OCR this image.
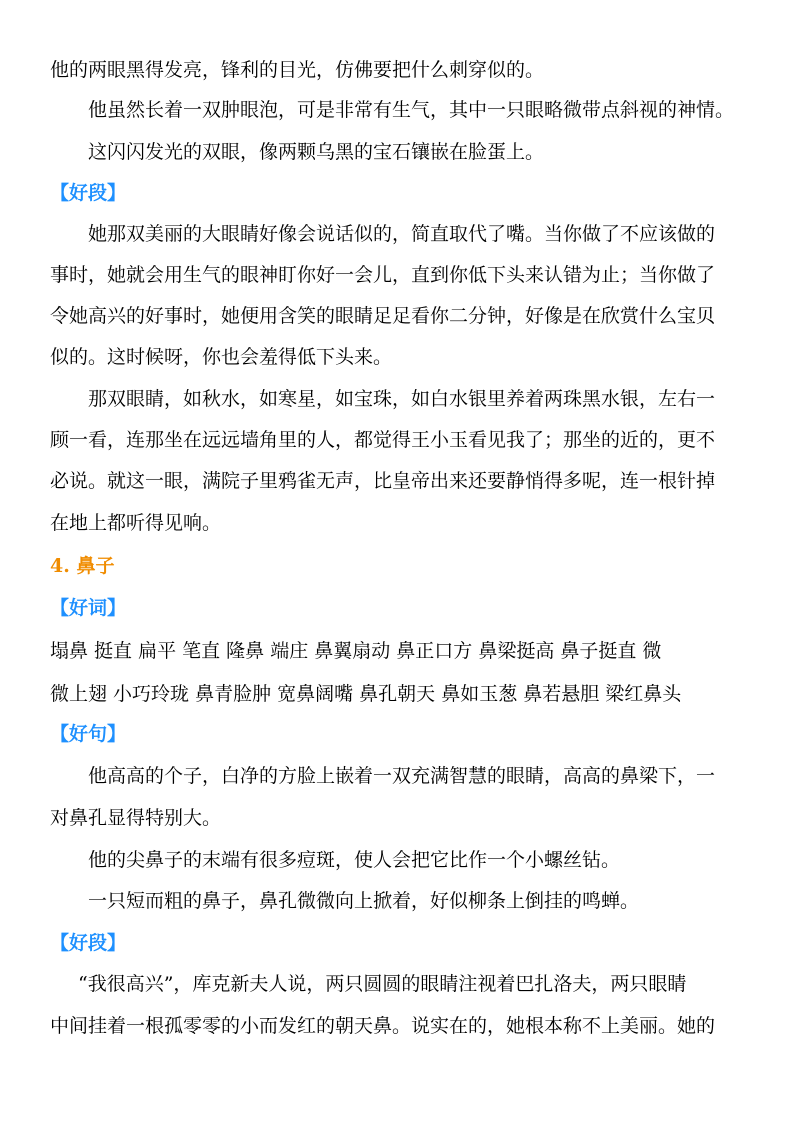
他的两眼黑得发亮，锋利的目光，仿佛要把什么刺穿似的。
他虽然长着一双肿眼泡，可是非常有生气，其中一只眼略微带点斜视的神情。
这闪闪发光的双眼，像两颗乌黑的宝石镶嵌在脸蛋上。
【好段】
她那双美丽的大眼睛好像会说话似的，简直取代了嘴。当你做了不应该做的
事时，她就会用生气的眼神盯你好一会儿，直到你低下头来认错为止；当你做了
令她高兴的好事时，她便用含笑的眼睛足足看你二分钟，好像是在欣赏什么宝贝
似的。这时候呀，你也会羞得低下头来。
那双眼睛，如秋水，如寒星，如宝珠，如白水银里养着两珠黑水银，左右一
顾一看，连那坐在远远墙角里的人，都觉得王小玉看见我了；那坐的近的，更不
必说。就这一眼，满院子里鸦雀无声，比皇帝出来还要静悄得多呢，连一根针掉
在地上都听得见响。
4. 鼻子
【好词】
塌鼻 挺直 扁平 笔直 隆鼻 端庄 鼻翼扇动 鼻正口方 鼻梁挺高 鼻子挺直 微
微上翅 小巧玲珑 鼻青脸肿 宽鼻阔嘴 鼻孔朝天 鼻如玉葱 鼻若悬胆 梁红鼻头
【好句】
他高高的个子，白净的方脸上嵌着一双充满智慧的眼睛，高高的鼻梁下，一
对鼻孔显得特别大。
他的尖鼻子的末端有很多痘斑，使人会把它比作一个小螺丝钻。
一只短而粗的鼻子，鼻孔微微向上掀着，好似柳条上倒挂的鸣蝉。
【好段】
“我很高兴”，库克新夫人说，两只圆圆的眼睛注视着巴扎洛夫，两只眼睛
中间挂着一根孤零零的小而发红的朝天鼻。说实在的，她根本称不上美丽。她的
